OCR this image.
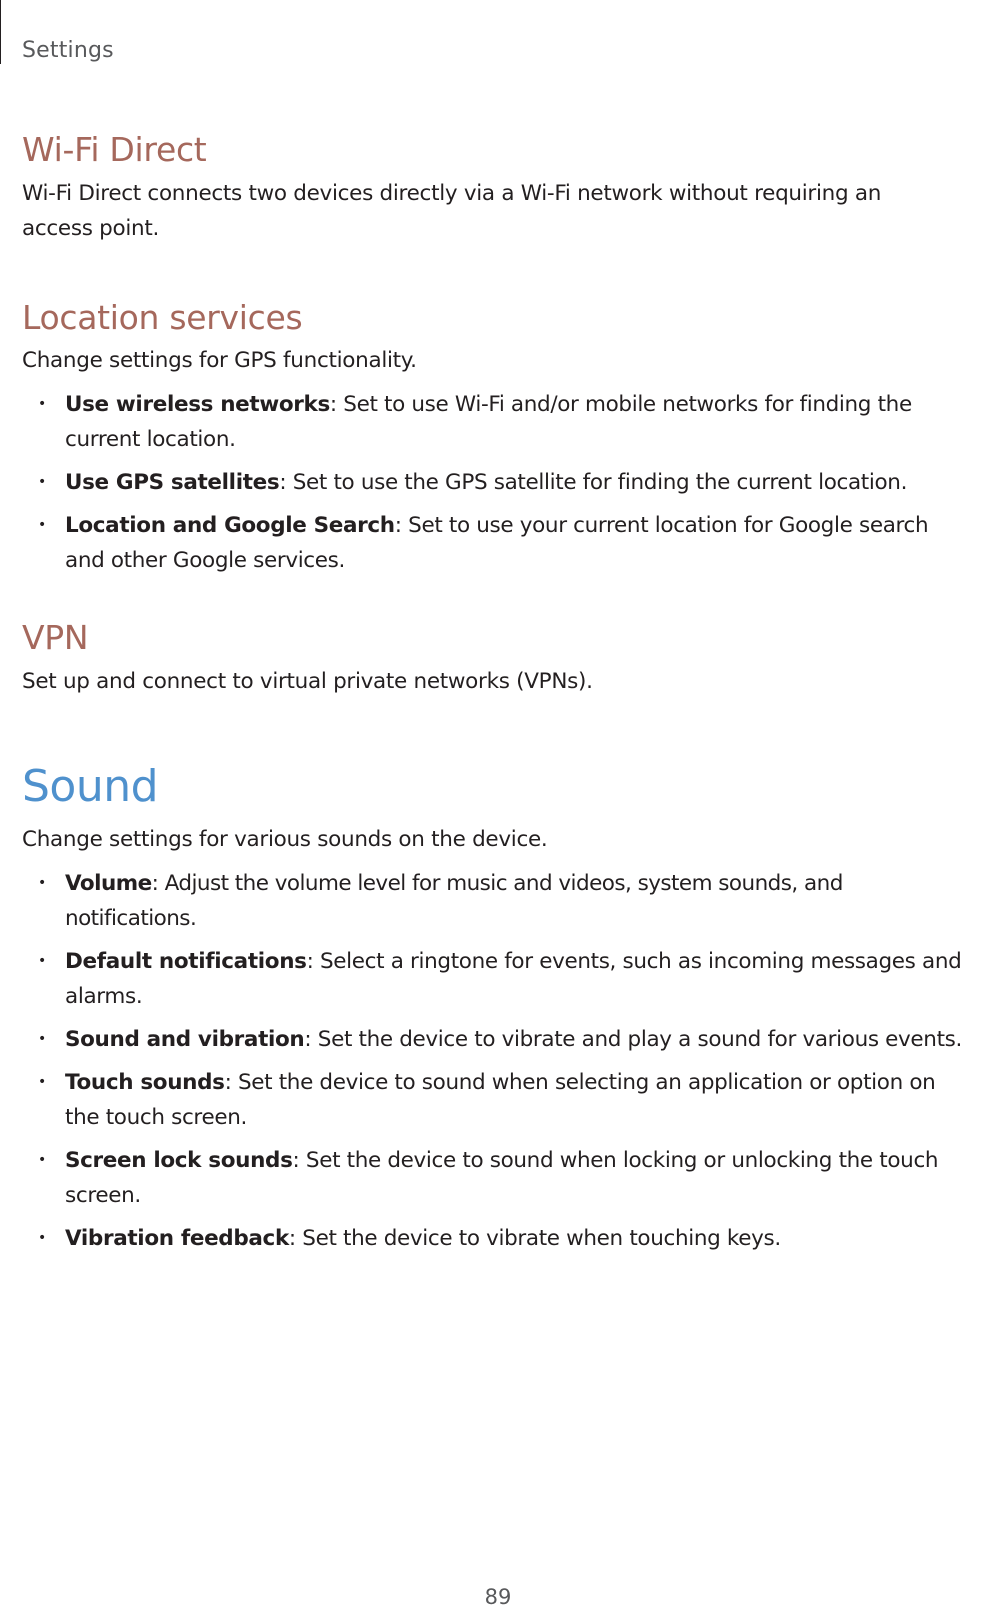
Settings
Wi-Fi Direct

Wi-Fi Direct connects two devices directly via a Wi-Fi network without requiring an access point.

Location services

Change settings for GPS functionality.

• Use wireless networks: Set to use Wi-Fi and/or mobile networks for finding the current location.
• Use GPS satellites: Set to use the GPS satellite for finding the current location.
• Location and Google Search: Set to use your current location for Google search and other Google services.
VPN

Set up and connect to virtual private networks (VPNs).

Sound

Change settings for various sounds on the device.

• Volume: Adjust the volume level for music and videos, system sounds, and notifications.
• Default notifications: Select a ringtone for events, such as incoming messages and alarms.
• Sound and vibration: Set the device to vibrate and play a sound for various events.
• Touch sounds: Set the device to sound when selecting an application or option on the touch screen.
• Screen lock sounds: Set the device to sound when locking or unlocking the touch screen.
• Vibration feedback: Set the device to vibrate when touching keys.
89
